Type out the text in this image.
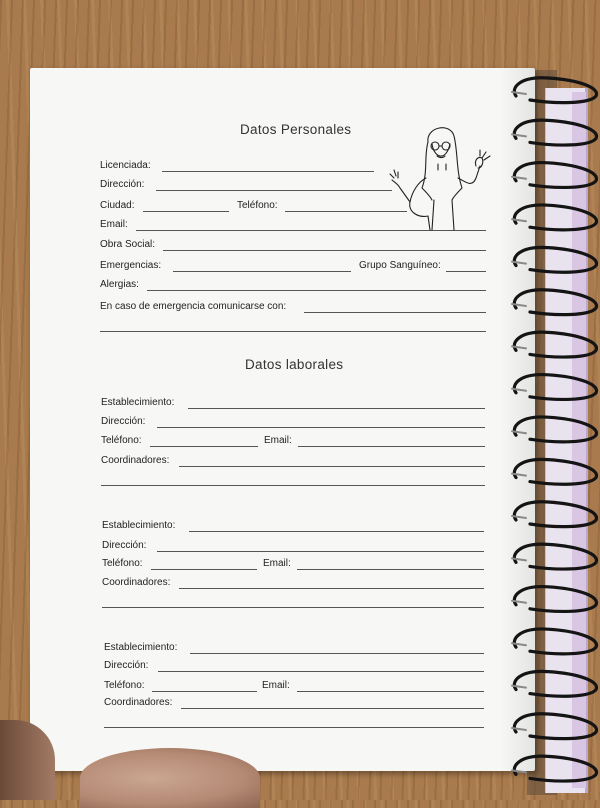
Datos Personales
Licenciada:
Dirección:
Ciudad:	Teléfono:
Email:
Obra Social:
Emergencias:	Grupo Sanguíneo:
Alergias:
En caso de emergencia comunicarse con:
Datos laborales
Establecimiento:
Dirección:
Teléfono:	Email:
Coordinadores:
Establecimiento:
Dirección:
Teléfono:	Email:
Coordinadores:
Establecimiento:
Dirección:
Teléfono:	Email:
Coordinadores:
